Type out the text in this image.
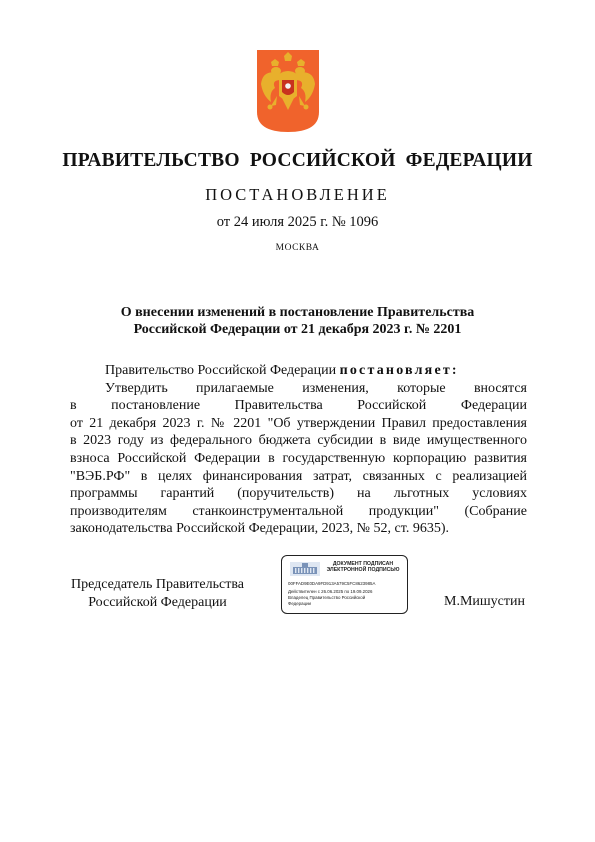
ПРАВИТЕЛЬСТВО РОССИЙСКОЙ ФЕДЕРАЦИИ
ПОСТАНОВЛЕНИЕ
от 24 июля 2025 г. № 1096
МОСКВА
О внесении изменений в постановление Правительства
Российской Федерации от 21 декабря 2023 г. № 2201

Правительство Российской Федерации постановляет:

Утвердить прилагаемые изменения, которые вносятся

в постановление Правительства Российской Федерации

от 21 декабря 2023 г. № 2201 "Об утверждении Правил предоставления

в 2023 году из федерального бюджета субсидии в виде имущественного

взноса Российской Федерации в государственную корпорацию развития

"ВЭБ.РФ" в целях финансирования затрат, связанных с реализацией

программы гарантий (поручительств) на льготных условиях

производителям станкоинструментальной продукции" (Собрание

законодательства Российской Федерации, 2023, № 52, ст. 9635).

Председатель Правительства
Российской Федерации
ДОКУМЕНТ ПОДПИСАН
ЭЛЕКТРОННОЙ ПОДПИСЬЮ
00FFAD9E0DA9FD913A579C5FC8623985A
Действителен с 26.06.2025 по 19.09.2026
Владелец Правительство Российской
Федерации	М.Мишустин
